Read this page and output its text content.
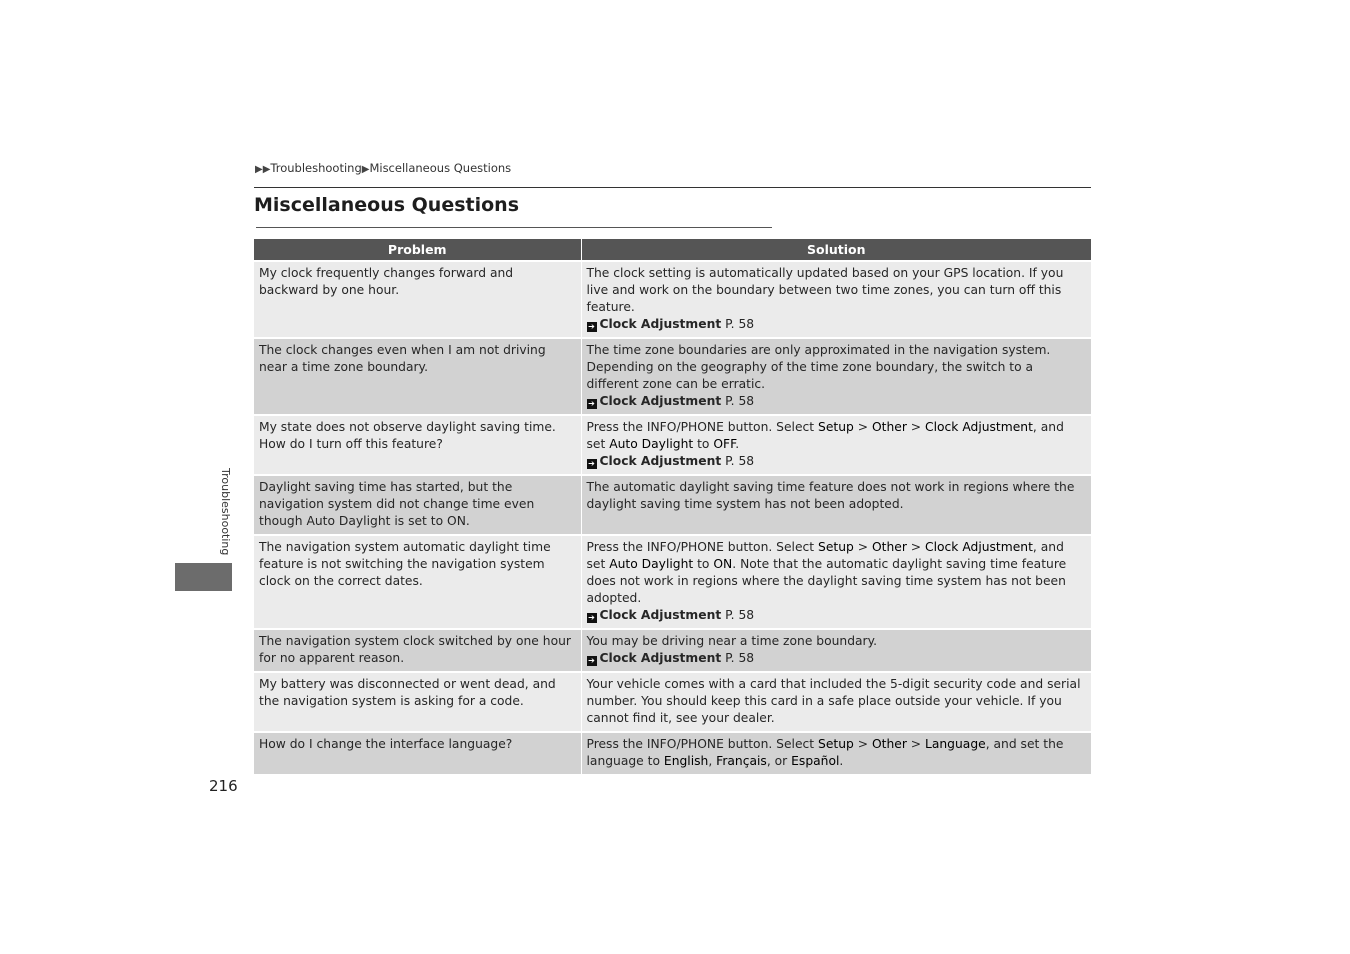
▶▶Troubleshooting▶Miscellaneous Questions
Miscellaneous Questions
Troubleshooting
Problem	Solution
My clock frequently changes forward and backward by one hour.	The clock setting is automatically updated based on your GPS location. If you live and work on the boundary between two time zones, you can turn off this feature.
➔ Clock Adjustment P. 58

The clock changes even when I am not driving near a time zone boundary.	The time zone boundaries are only approximated in the navigation system. Depending on the geography of the time zone boundary, the switch to a different zone can be erratic.
➔ Clock Adjustment P. 58

My state does not observe daylight saving time. How do I turn off this feature?	Press the INFO/PHONE button. Select Setup > Other > Clock Adjustment, and set Auto Daylight to OFF.
➔ Clock Adjustment P. 58

Daylight saving time has started, but the navigation system did not change time even though Auto Daylight is set to ON.	The automatic daylight saving time feature does not work in regions where the daylight saving time system has not been adopted.
The navigation system automatic daylight time feature is not switching the navigation system clock on the correct dates.	Press the INFO/PHONE button. Select Setup > Other > Clock Adjustment, and set Auto Daylight to ON. Note that the automatic daylight saving time feature does not work in regions where the daylight saving time system has not been adopted.
➔ Clock Adjustment P. 58

The navigation system clock switched by one hour for no apparent reason.	You may be driving near a time zone boundary.
➔ Clock Adjustment P. 58

My battery was disconnected or went dead, and the navigation system is asking for a code.	Your vehicle comes with a card that included the 5-digit security code and serial number. You should keep this card in a safe place outside your vehicle. If you cannot find it, see your dealer.
How do I change the interface language?	Press the INFO/PHONE button. Select Setup > Other > Language, and set the language to English, Français, or Español.
216
